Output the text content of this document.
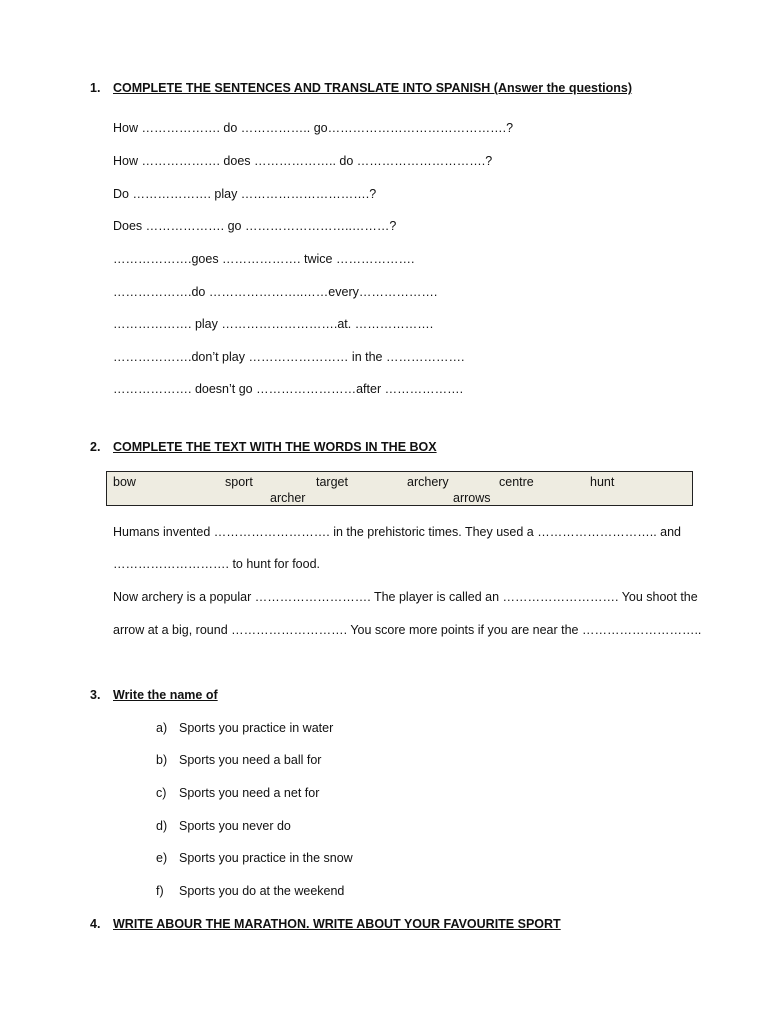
1. COMPLETE THE SENTENCES AND TRANSLATE INTO SPANISH (Answer the questions)
How ………………. do …………….. go…………………………………….?
How ………………. does ……………….. do ………………………….?
Do ………………. play ………………………….?
Does ………………. go ……………………..………?
……………….goes ………………. twice ……………….
……………….do …………………..……every……………….
………………. play ……………………….at. ……………….
……………….don’t play …………………… in the ……………….
………………. doesn’t go ……………………after ……………….
2. COMPLETE THE TEXT WITH THE WORDS IN THE BOX
bow	sport	target	archery	centre	hunt
archer	arrows
Humans invented ………………………. in the prehistoric times. They used a ……………………….. and
………………………. to hunt for food.
Now archery is a popular ………………………. The player is called an ………………………. You shoot the
arrow at a big, round ………………………. You score more points if you are near the ………………………..
3. Write the name of
a) Sports you practice in water
b) Sports you need a ball for
c) Sports you need a net for
d) Sports you never do
e) Sports you practice in the snow
f) Sports you do at the weekend
4. WRITE ABOUR THE MARATHON. WRITE ABOUT YOUR FAVOURITE SPORT
